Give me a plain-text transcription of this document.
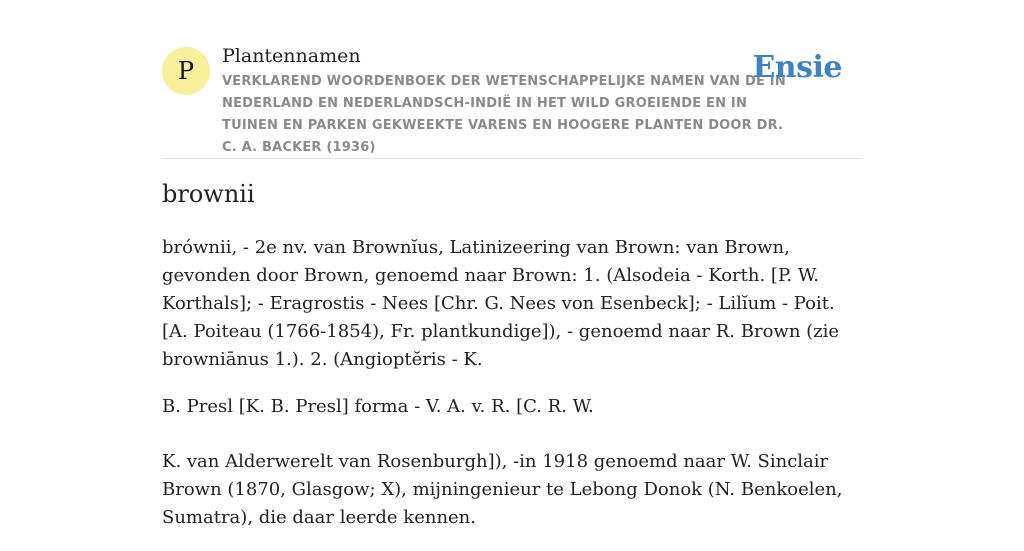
P
Plantennamen
VERKLAREND WOORDENBOEK DER WETENSCHAPPELIJKE NAMEN VAN DE IN NEDERLAND EN NEDERLANDSCH-INDIË IN HET WILD GROEIENDE EN IN TUINEN EN PARKEN GEKWEEKTE VARENS EN HOOGERE PLANTEN DOOR DR. C. A. BACKER (1936)
Ensie
brownii

brównii, - 2e nv. van Brownĭus, Latinizeering van Brown: van Brown, gevonden door Brown, genoemd naar Brown: 1. (Alsodeia - Korth. [P. W. Korthals]; - Eragrostis - Nees [Chr. G. Nees von Esenbeck]; - Lilĭum - Poit. [A. Poiteau (1766-1854), Fr. plantkundige]), - genoemd naar R. Brown (zie browniānus 1.). 2. (Angioptĕris - K.

B. Presl [K. B. Presl] forma - V. A. v. R. [C. R. W.

K. van Alderwerelt van Rosenburgh]), -in 1918 genoemd naar W. Sinclair Brown (1870, Glasgow; X), mijningenieur te Lebong Donok (N. Benkoelen, Sumatra), die daar leerde kennen.
